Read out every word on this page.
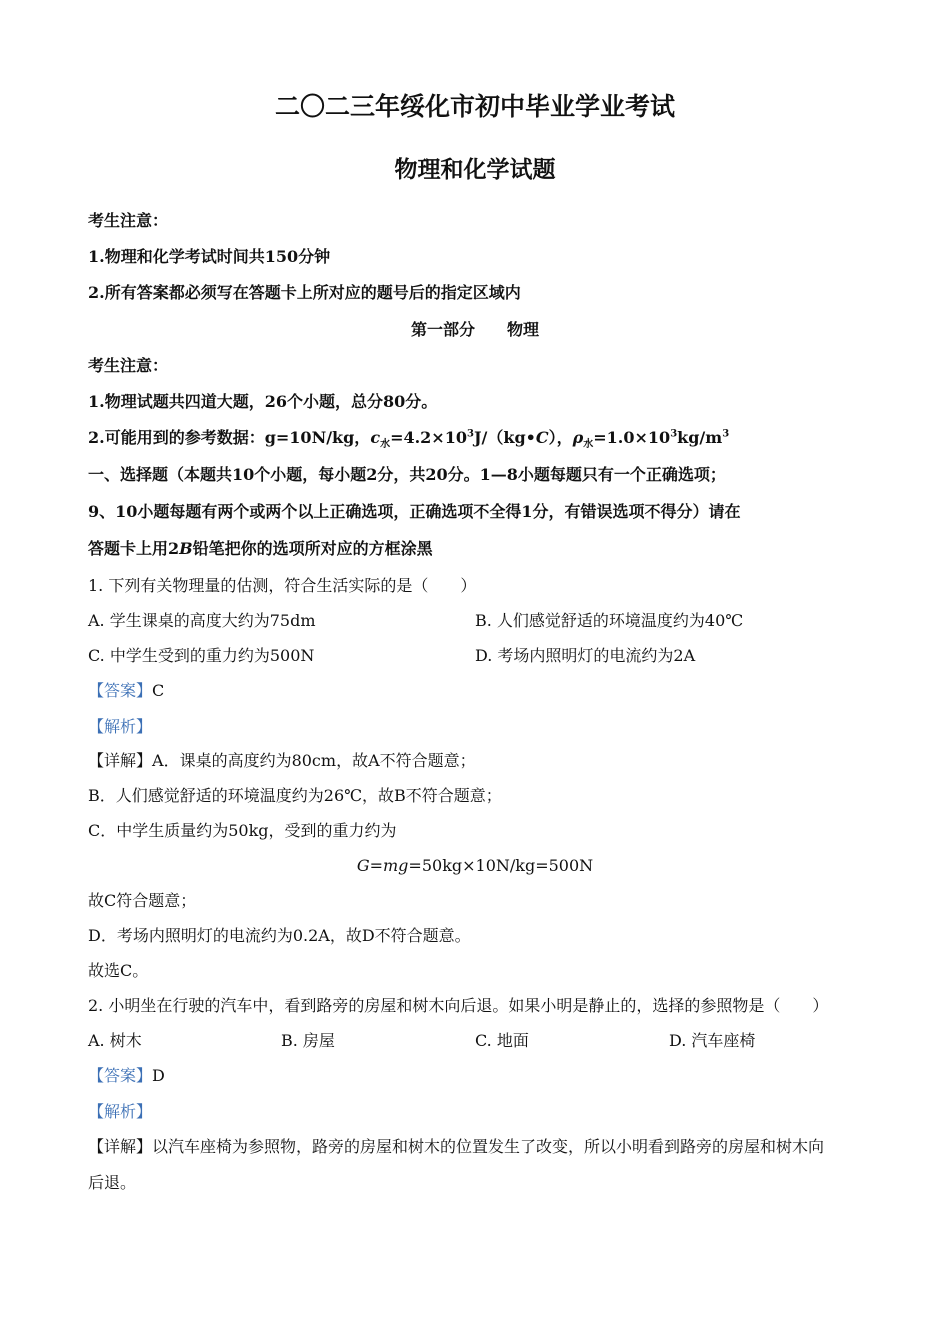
二〇二三年绥化市初中毕业学业考试
物理和化学试题
考生注意：
1.物理和化学考试时间共150分钟
2.所有答案都必须写在答题卡上所对应的题号后的指定区域内
第一部分　　物理
考生注意：
1.物理试题共四道大题，26个小题，总分80分。
2.可能用到的参考数据：g=10N/kg，$c_水=4.2\times 10^3J/(kg•C)$，$\rho_水=1.0\times 10^3kg/m^3$
一、选择题（本题共10个小题，每小题2分，共20分。1—8小题每题只有一个正确选项；
9、10小题每题有两个或两个以上正确选项，正确选项不全得1分，有错误选项不得分）请在
答题卡上用2B铅笔把你的选项所对应的方框涂黑
1. 下列有关物理量的估测，符合生活实际的是（　　）
A. 学生课桌的高度大约为75dm	B. 人们感觉舒适的环境温度约为40℃
C. 中学生受到的重力约为500N	D. 考场内照明灯的电流约为2A
【答案】C
【解析】
【详解】A．课桌的高度约为80cm，故A不符合题意；
B．人们感觉舒适的环境温度约为26℃，故B不符合题意；
C．中学生质量约为50kg，受到的重力约为
G=mg=50kg×10N/kg=500N
故C符合题意；
D．考场内照明灯的电流约为0.2A，故D不符合题意。
故选C。
2. 小明坐在行驶的汽车中，看到路旁的房屋和树木向后退。如果小明是静止的，选择的参照物是（　　）
A. 树木	B. 房屋	C. 地面	D. 汽车座椅
【答案】D
【解析】
【详解】以汽车座椅为参照物，路旁的房屋和树木的位置发生了改变，所以小明看到路旁的房屋和树木向
后退。
